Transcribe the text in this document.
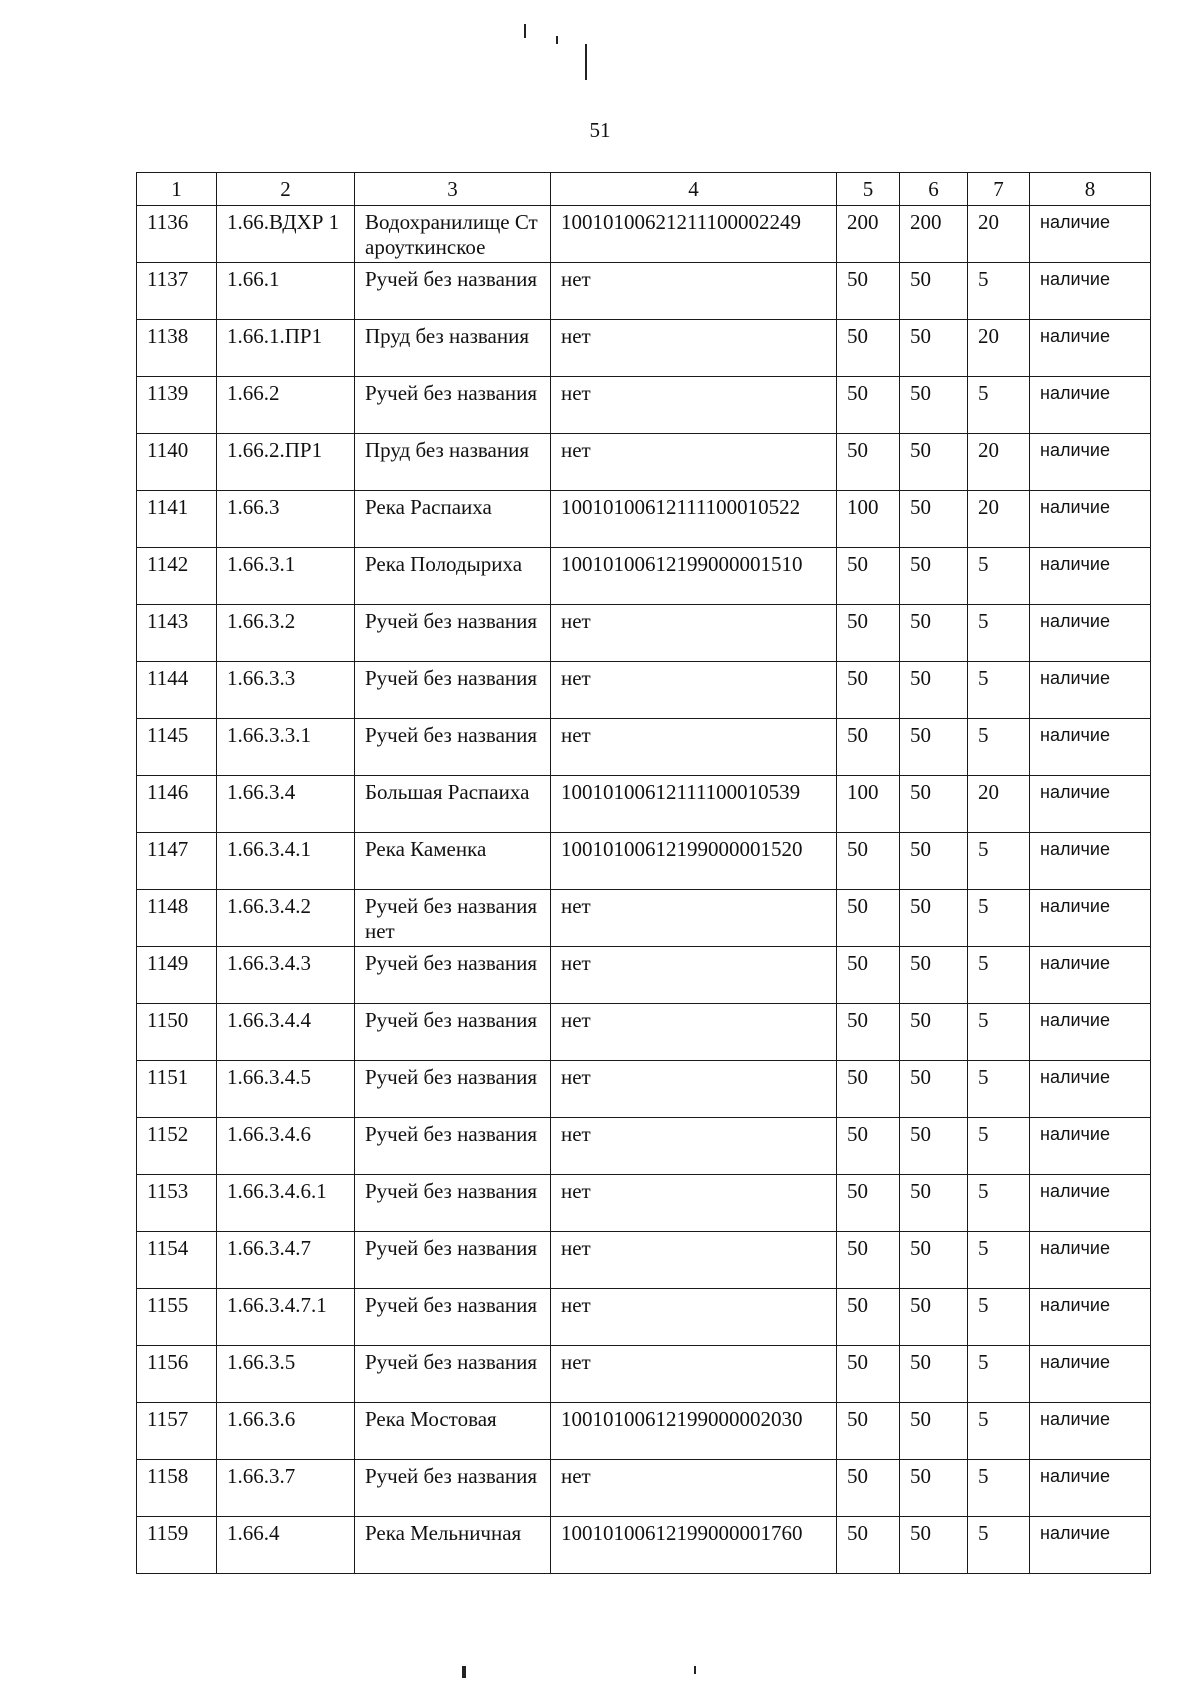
51
1	2	3	4	5	6	7	8
1136	1.66.ВДХР 1	Водохранилище Староуткинское	10010100621211100002249	200	200	20	наличие
1137	1.66.1	Ручей без названия	нет	50	50	5	наличие
1138	1.66.1.ПР1	Пруд без названия	нет	50	50	20	наличие
1139	1.66.2	Ручей без названия	нет	50	50	5	наличие
1140	1.66.2.ПР1	Пруд без названия	нет	50	50	20	наличие
1141	1.66.3	Река Распаиха	10010100612111100010522	100	50	20	наличие
1142	1.66.3.1	Река Полодыриха	10010100612199000001510	50	50	5	наличие
1143	1.66.3.2	Ручей без названия	нет	50	50	5	наличие
1144	1.66.3.3	Ручей без названия	нет	50	50	5	наличие
1145	1.66.3.3.1	Ручей без названия	нет	50	50	5	наличие
1146	1.66.3.4	Большая Распаиха	10010100612111100010539	100	50	20	наличие
1147	1.66.3.4.1	Река Каменка	10010100612199000001520	50	50	5	наличие
1148	1.66.3.4.2	Ручей без названиянет	нет	50	50	5	наличие
1149	1.66.3.4.3	Ручей без названия	нет	50	50	5	наличие
1150	1.66.3.4.4	Ручей без названия	нет	50	50	5	наличие
1151	1.66.3.4.5	Ручей без названия	нет	50	50	5	наличие
1152	1.66.3.4.6	Ручей без названия	нет	50	50	5	наличие
1153	1.66.3.4.6.1	Ручей без названия	нет	50	50	5	наличие
1154	1.66.3.4.7	Ручей без названия	нет	50	50	5	наличие
1155	1.66.3.4.7.1	Ручей без названия	нет	50	50	5	наличие
1156	1.66.3.5	Ручей без названия	нет	50	50	5	наличие
1157	1.66.3.6	Река Мостовая	10010100612199000002030	50	50	5	наличие
1158	1.66.3.7	Ручей без названия	нет	50	50	5	наличие
1159	1.66.4	Река Мельничная	10010100612199000001760	50	50	5	наличие
